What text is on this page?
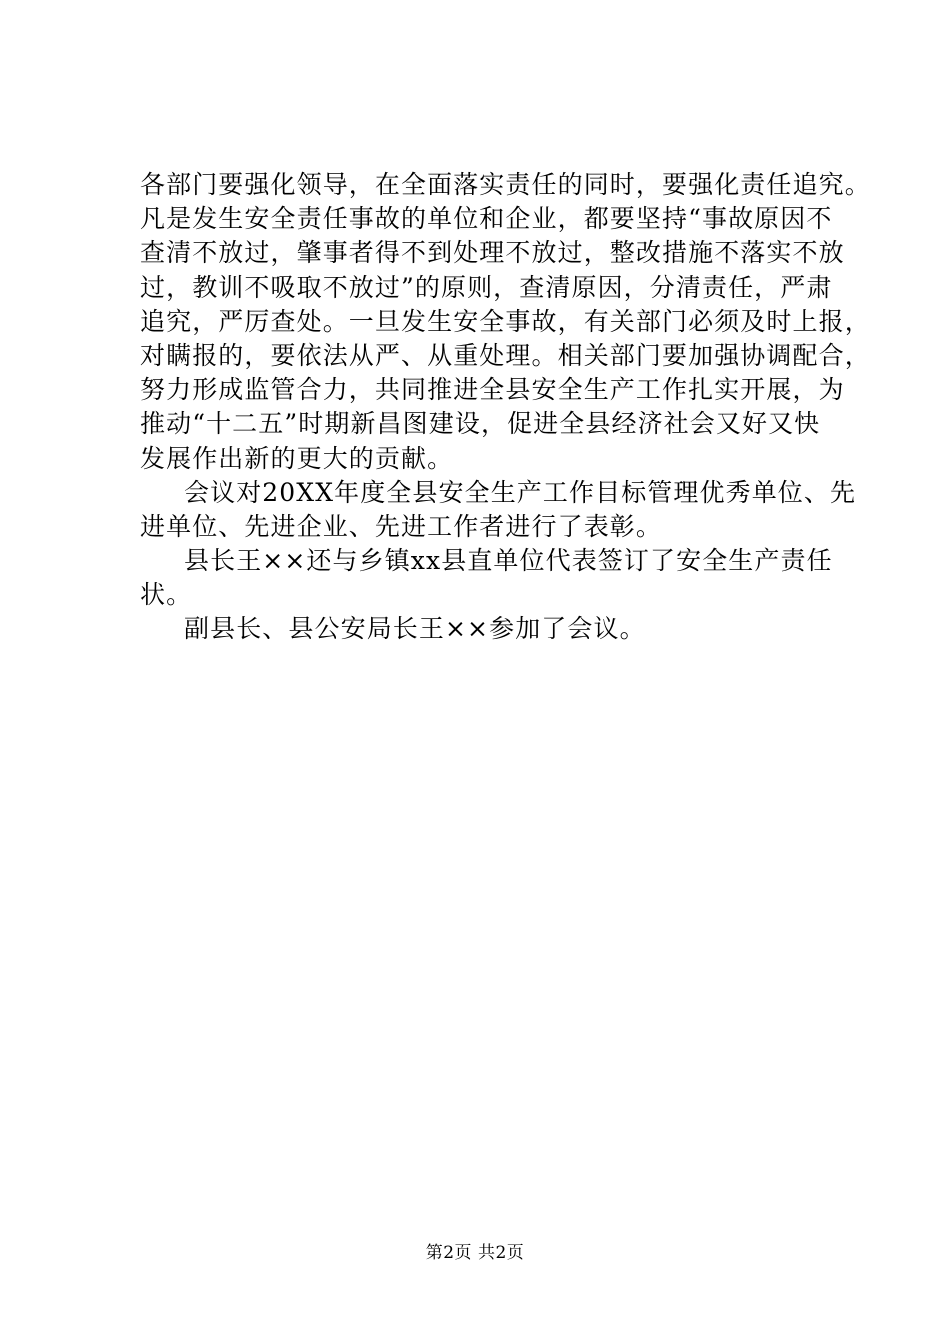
各部门要强化领导，在全面落实责任的同时，要强化责任追究。
凡是发生安全责任事故的单位和企业，都要坚持“事故原因不
查清不放过，肇事者得不到处理不放过，整改措施不落实不放
过，教训不吸取不放过”的原则，查清原因，分清责任，严肃
追究，严厉查处。一旦发生安全事故，有关部门必须及时上报，
对瞒报的，要依法从严、从重处理。相关部门要加强协调配合，
努力形成监管合力，共同推进全县安全生产工作扎实开展，为
推动“十二五”时期新昌图建设，促进全县经济社会又好又快
发展作出新的更大的贡献。
会议对20XX年度全县安全生产工作目标管理优秀单位、先
进单位、先进企业、先进工作者进行了表彰。
县长王××还与乡镇xx县直单位代表签订了安全生产责任
状。
副县长、县公安局长王××参加了会议。
第2页 共2页
